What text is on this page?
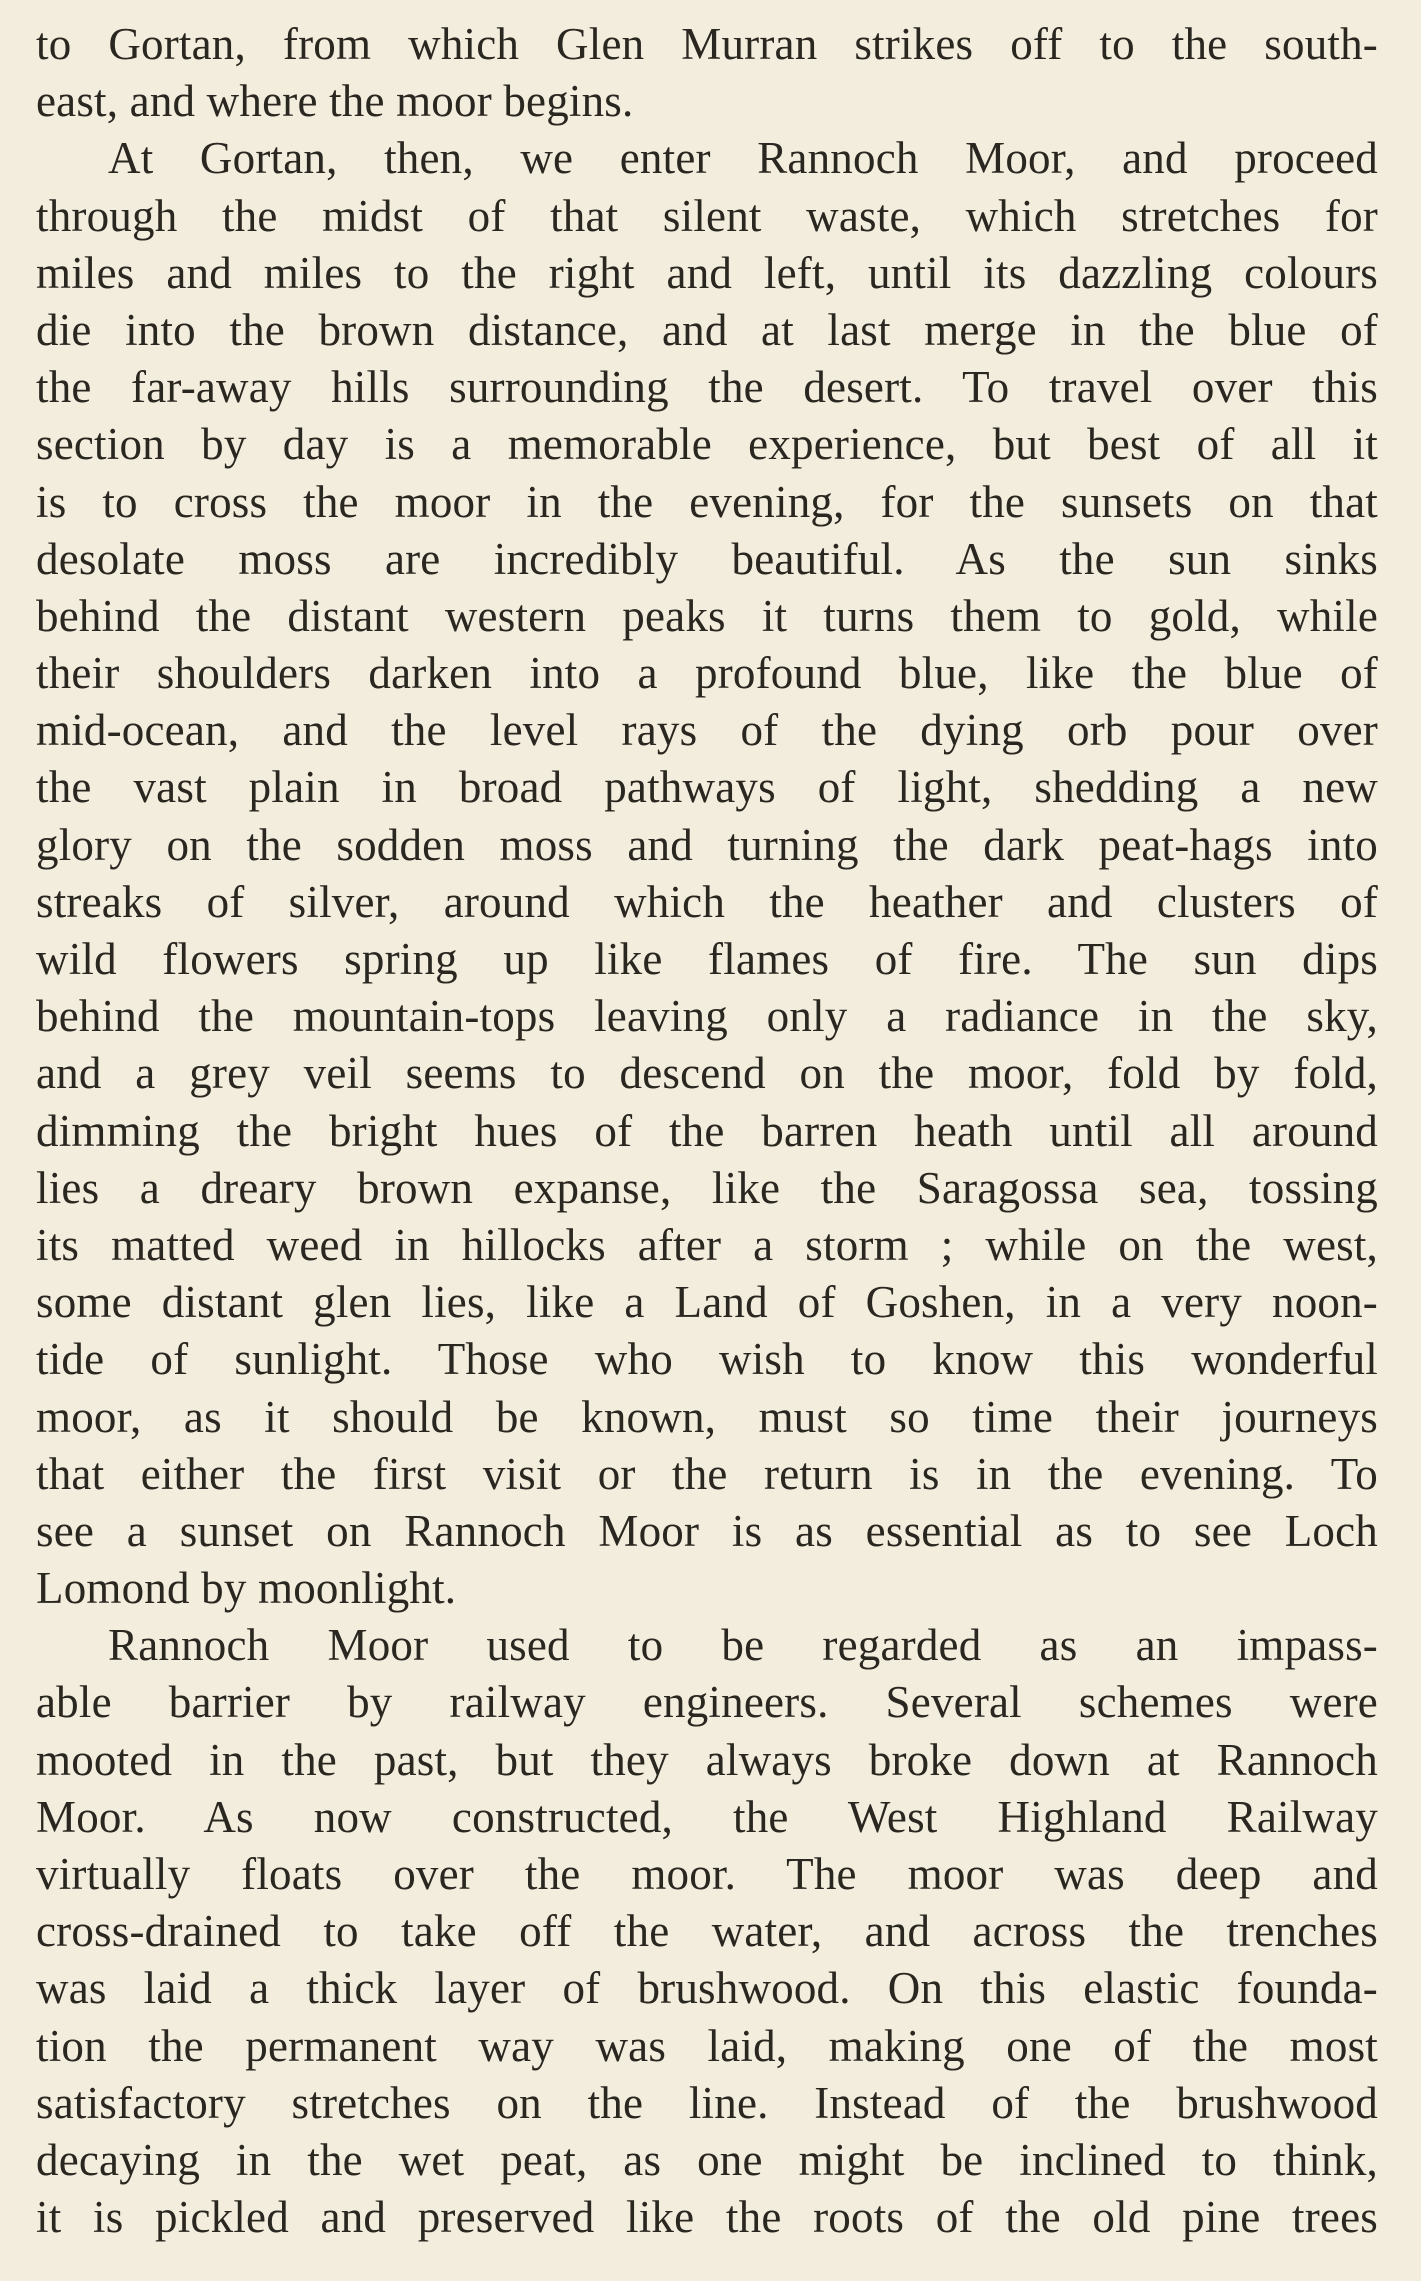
to Gortan, from which Glen Murran strikes off to the south-
east, and where the moor begins.
At Gortan, then, we enter Rannoch Moor, and proceed
through the midst of that silent waste, which stretches for
miles and miles to the right and left, until its dazzling colours
die into the brown distance, and at last merge in the blue of
the far-away hills surrounding the desert. To travel over this
section by day is a memorable experience, but best of all it
is to cross the moor in the evening, for the sunsets on that
desolate moss are incredibly beautiful. As the sun sinks
behind the distant western peaks it turns them to gold, while
their shoulders darken into a profound blue, like the blue of
mid-ocean, and the level rays of the dying orb pour over
the vast plain in broad pathways of light, shedding a new
glory on the sodden moss and turning the dark peat-hags into
streaks of silver, around which the heather and clusters of
wild flowers spring up like flames of fire. The sun dips
behind the mountain-tops leaving only a radiance in the sky,
and a grey veil seems to descend on the moor, fold by fold,
dimming the bright hues of the barren heath until all around
lies a dreary brown expanse, like the Saragossa sea, tossing
its matted weed in hillocks after a storm ; while on the west,
some distant glen lies, like a Land of Goshen, in a very noon-
tide of sunlight. Those who wish to know this wonderful
moor, as it should be known, must so time their journeys
that either the first visit or the return is in the evening. To
see a sunset on Rannoch Moor is as essential as to see Loch
Lomond by moonlight.
Rannoch Moor used to be regarded as an impass-
able barrier by railway engineers. Several schemes were
mooted in the past, but they always broke down at Rannoch
Moor. As now constructed, the West Highland Railway
virtually floats over the moor. The moor was deep and
cross-drained to take off the water, and across the trenches
was laid a thick layer of brushwood. On this elastic founda-
tion the permanent way was laid, making one of the most
satisfactory stretches on the line. Instead of the brushwood
decaying in the wet peat, as one might be inclined to think,
it is pickled and preserved like the roots of the old pine trees
